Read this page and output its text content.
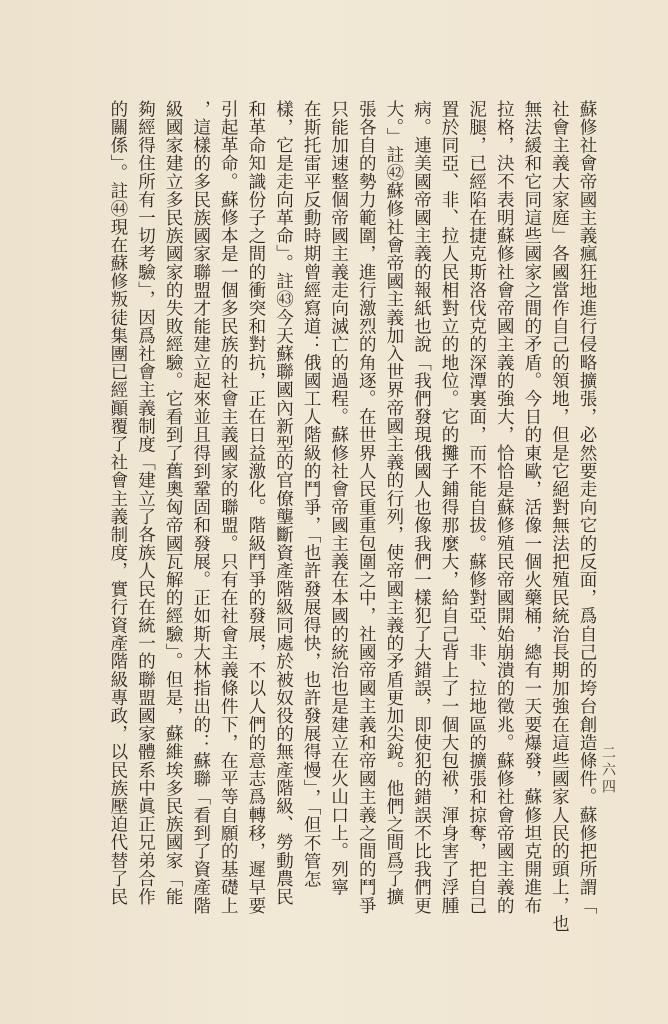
蘇修社會帝國主義瘋狂地進行侵略擴張，必然要走向它的反面，爲自己的垮台創造條件。蘇修把所謂「
社會主義大家庭」各國當作自己的領地，但是它絕對無法把殖民統治長期加強在這些國家人民的頭上，也
無法緩和它同這些國家之間的矛盾。今日的東歐，活像一個火藥桶，總有一天要爆發，蘇修坦克開進布
拉格，決不表明蘇修社會帝國主義的強大，恰恰是蘇修殖民帝國開始崩潰的徵兆。蘇修社會帝國主義的
泥腿，已經陷在捷克斯洛伐克的深潭裏面，而不能自拔。蘇修對亞、非、拉地區的擴張和掠奪，把自己
置於同亞、非、拉人民相對立的地位。它的攤子鋪得那麼大，給自己背上了一個大包袱，渾身害了浮腫
病。連美國帝國主義的報紙也說「我們發現俄國人也像我們一樣犯了大錯誤，即使犯的錯誤不比我們更
大。」註㊷蘇修社會帝國主義加入世界帝國主義的行列，使帝國主義的矛盾更加尖銳。他們之間爲了擴
張各自的勢力範圍，進行激烈的角逐。在世界人民重重包圍之中，社國帝國主義和帝國主義之間的鬥爭
只能加速整個帝國主義走向滅亡的過程。蘇修社會帝國主義在本國的統治也是建立在火山口上。列寧
在斯托雷平反動時期曾經寫道：俄國工人階級的鬥爭，「也許發展得快，也許發展得慢」，「但不管怎
樣，它是走向革命」。註㊸今天蘇聯國內新型的官僚壟斷資產階級同處於被奴役的無產階級、勞動農民
和革命知識份子之間的衝突和對抗，正在日益激化。階級鬥爭的發展，不以人們的意志爲轉移，遲早要
引起革命。蘇修本是一個多民族的社會主義國家的聯盟。只有在社會主義條件下，在平等自願的基礎上
，這樣的多民族國家聯盟才能建立起來並且得到鞏固和發展。正如斯大林指出的：蘇聯「看到了資產階
級國家建立多民族國家的失敗經驗。它看到了舊奧匈帝國瓦解的經驗」。但是，蘇維埃多民族國家「能
夠經得住所有一切考驗」，因爲社會主義制度「建立了各族人民在統一的聯盟國家體系中眞正兄弟合作
的關係」。註㊹現在蘇修叛徒集團已經顚覆了社會主義制度，實行資產階級專政，以民族壓迫代替了民	二六四
